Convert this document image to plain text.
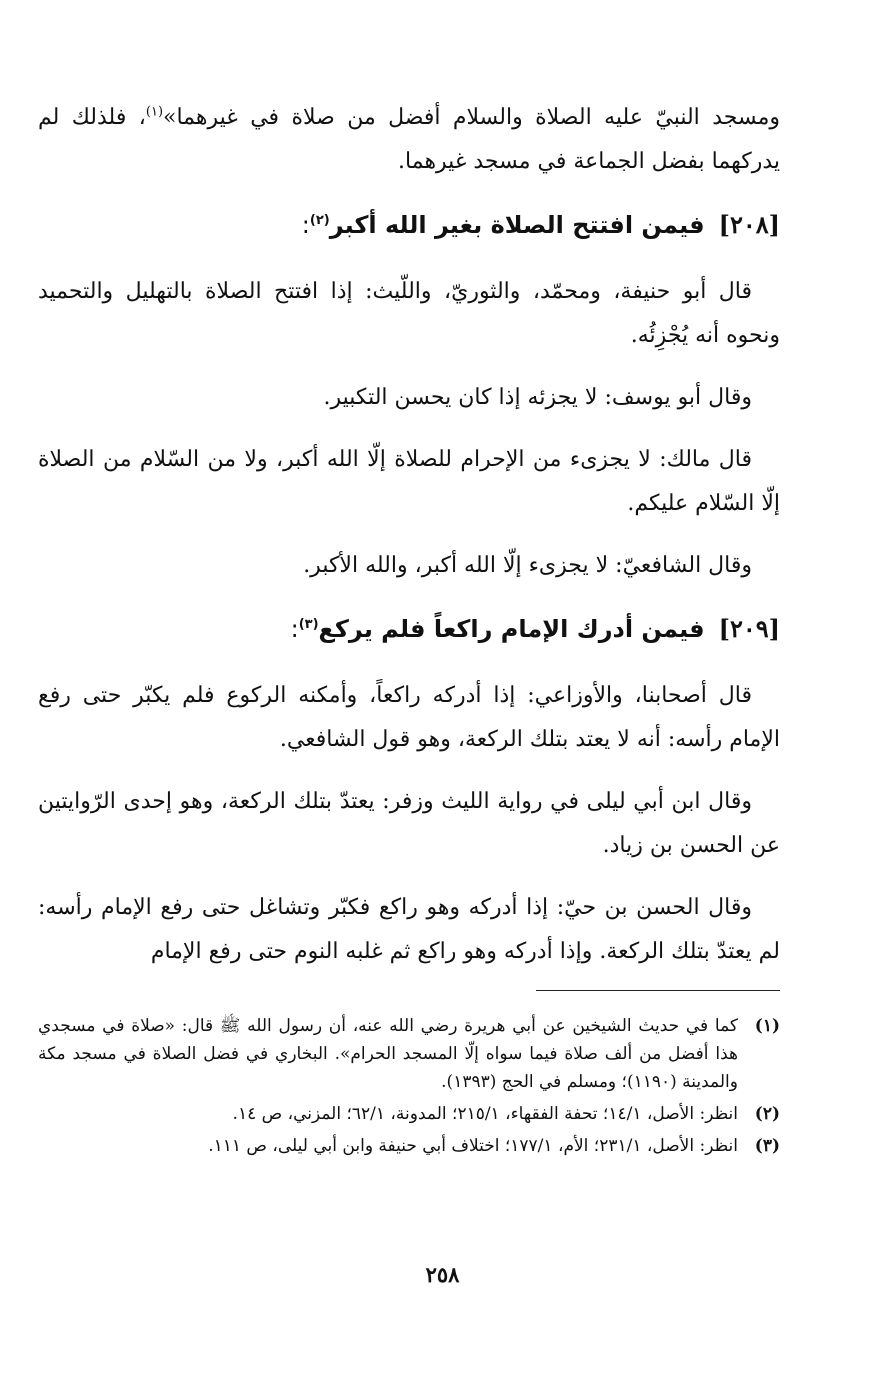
ومسجد النبيّ عليه الصلاة والسلام أفضل من صلاة في غيرهما»$^{(١)}$، فلذلك لم يدركهما بفضل الجماعة في مسجد غيرهما.

[٢٠٨]فيمن افتتح الصلاة بغير الله أكبر$^{(٢)}$:

قال أبو حنيفة، ومحمّد، والثوريّ، واللّيث: إذا افتتح الصلاة بالتهليل والتحميد ونحوه أنه يُجْزِئُه.

وقال أبو يوسف: لا يجزئه إذا كان يحسن التكبير.

قال مالك: لا يجزىء من الإحرام للصلاة إلّا الله أكبر، ولا من السّلام من الصلاة إلّا السّلام عليكم.

وقال الشافعيّ: لا يجزىء إلّا الله أكبر، والله الأكبر.

[٢٠٩]فيمن أدرك الإمام راكعاً فلم يركع$^{(٣)}$:

قال أصحابنا، والأوزاعي: إذا أدركه راكعاً، وأمكنه الركوع فلم يكبّر حتى رفع الإمام رأسه: أنه لا يعتد بتلك الركعة، وهو قول الشافعي.

وقال ابن أبي ليلى في رواية الليث وزفر: يعتدّ بتلك الركعة، وهو إحدى الرّوايتين عن الحسن بن زياد.

وقال الحسن بن حيّ: إذا أدركه وهو راكع فكبّر وتشاغل حتى رفع الإمام رأسه: لم يعتدّ بتلك الركعة. وإذا أدركه وهو راكع ثم غلبه النوم حتى رفع الإمام

(١)
كما في حديث الشيخين عن أبي هريرة رضي الله عنه، أن رسول الله ﷺ قال: «صلاة في مسجدي هذا أفضل من ألف صلاة فيما سواه إلّا المسجد الحرام». البخاري في فضل الصلاة في مسجد مكة والمدينة (١١٩٠)؛ ومسلم في الحج (١٣٩٣).
(٢)
انظر: الأصل، ١٤/١؛ تحفة الفقهاء، ٢١٥/١؛ المدونة، ٦٢/١؛ المزني، ص ١٤.
(٣)
انظر: الأصل، ٢٣١/١؛ الأم، ١٧٧/١؛ اختلاف أبي حنيفة وابن أبي ليلى، ص ١١١.
٢٥٨
